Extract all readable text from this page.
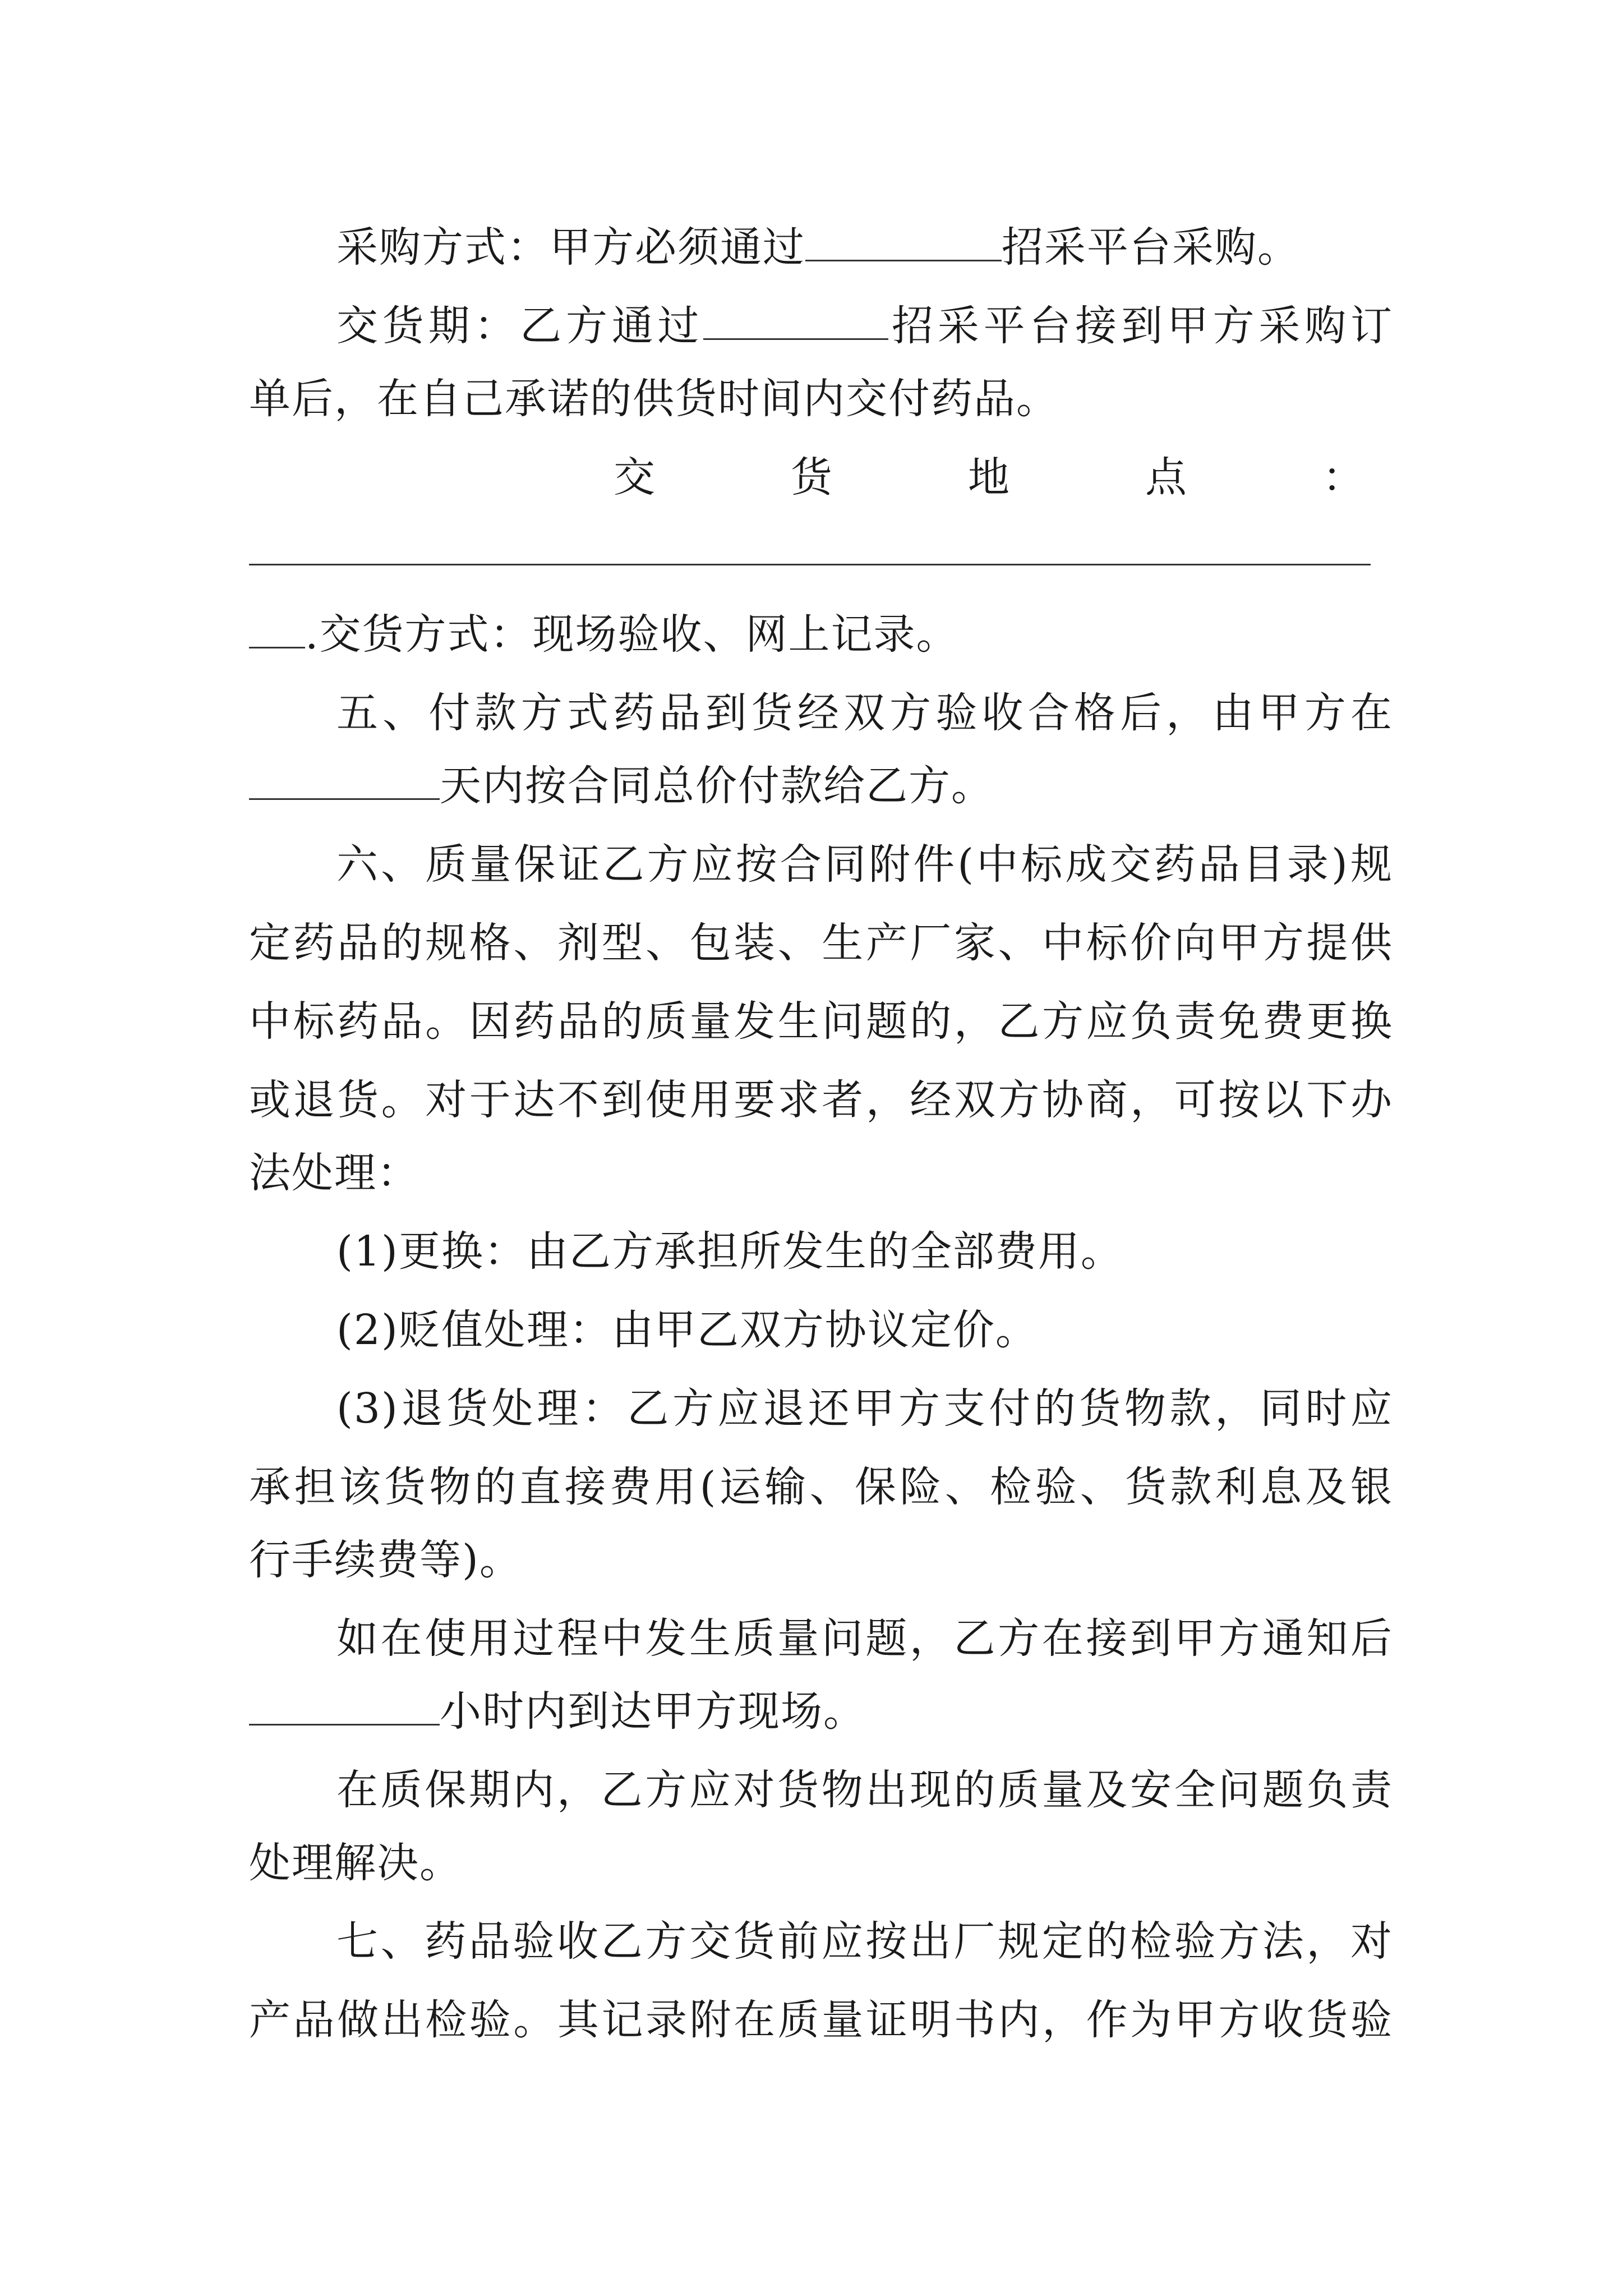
采购方式：甲方必须通过	招采平台采购。
交货期：乙方通过	招采平台接到甲方采购订
单后，在自己承诺的供货时间内交付药品。
交 货 地 点 ：
.交货方式：现场验收、网上记录。
五、付款方式药品到货经双方验收合格后，由甲方在
天内按合同总价付款给乙方。
六、质量保证乙方应按合同附件(中标成交药品目录)规
定药品的规格、剂型、包装、生产厂家、中标价向甲方提供
中标药品。因药品的质量发生问题的，乙方应负责免费更换
或退货。对于达不到使用要求者，经双方协商，可按以下办
法处理：
(1)更换：由乙方承担所发生的全部费用。
(2)贬值处理：由甲乙双方协议定价。
(3)退货处理：乙方应退还甲方支付的货物款，同时应
承担该货物的直接费用(运输、保险、检验、货款利息及银
行手续费等)。
如在使用过程中发生质量问题，乙方在接到甲方通知后
小时内到达甲方现场。
在质保期内，乙方应对货物出现的质量及安全问题负责
处理解决。
七、药品验收乙方交货前应按出厂规定的检验方法，对
产品做出检验。其记录附在质量证明书内，作为甲方收货验
